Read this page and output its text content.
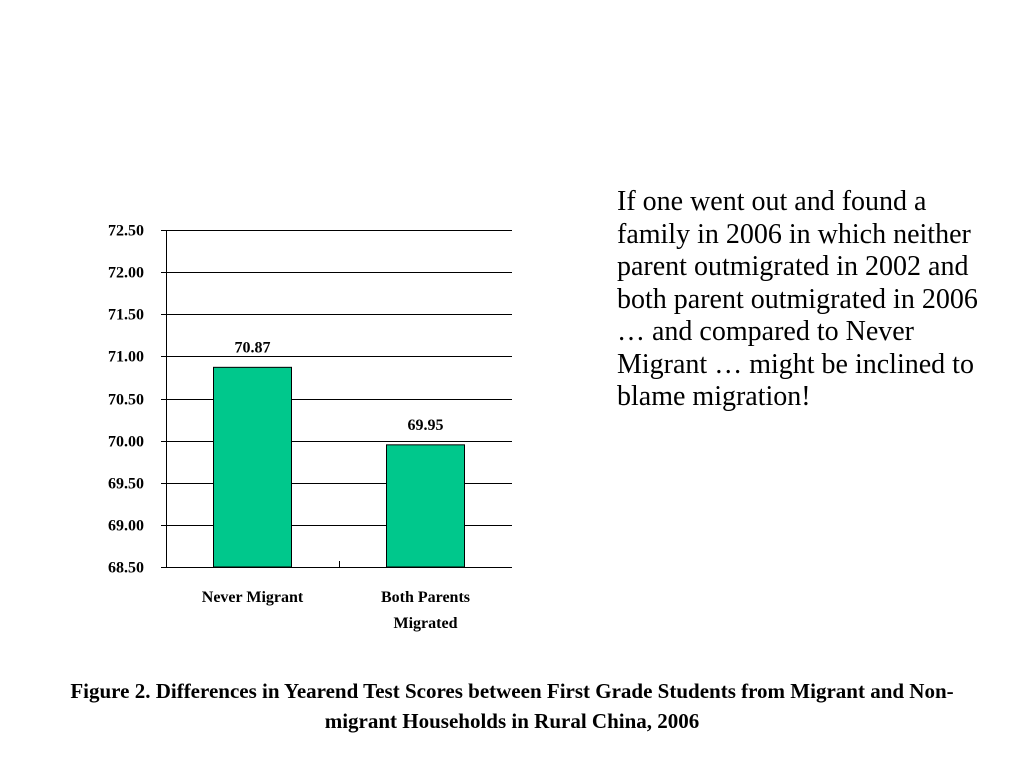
68.50
69.00
69.50
70.00
70.50
71.00
71.50
72.00
72.50
70.87
69.95
Never Migrant	Both Parents
Migrated

If one went out and found a family in 2006 in which neither parent outmigrated in 2002 and both parent outmigrated in 2006 … and compared to Never Migrant … might be inclined to blame migration!

Figure 2. Differences in Yearend Test Scores between First Grade Students from Migrant and Non-migrant Households in Rural China, 2006
